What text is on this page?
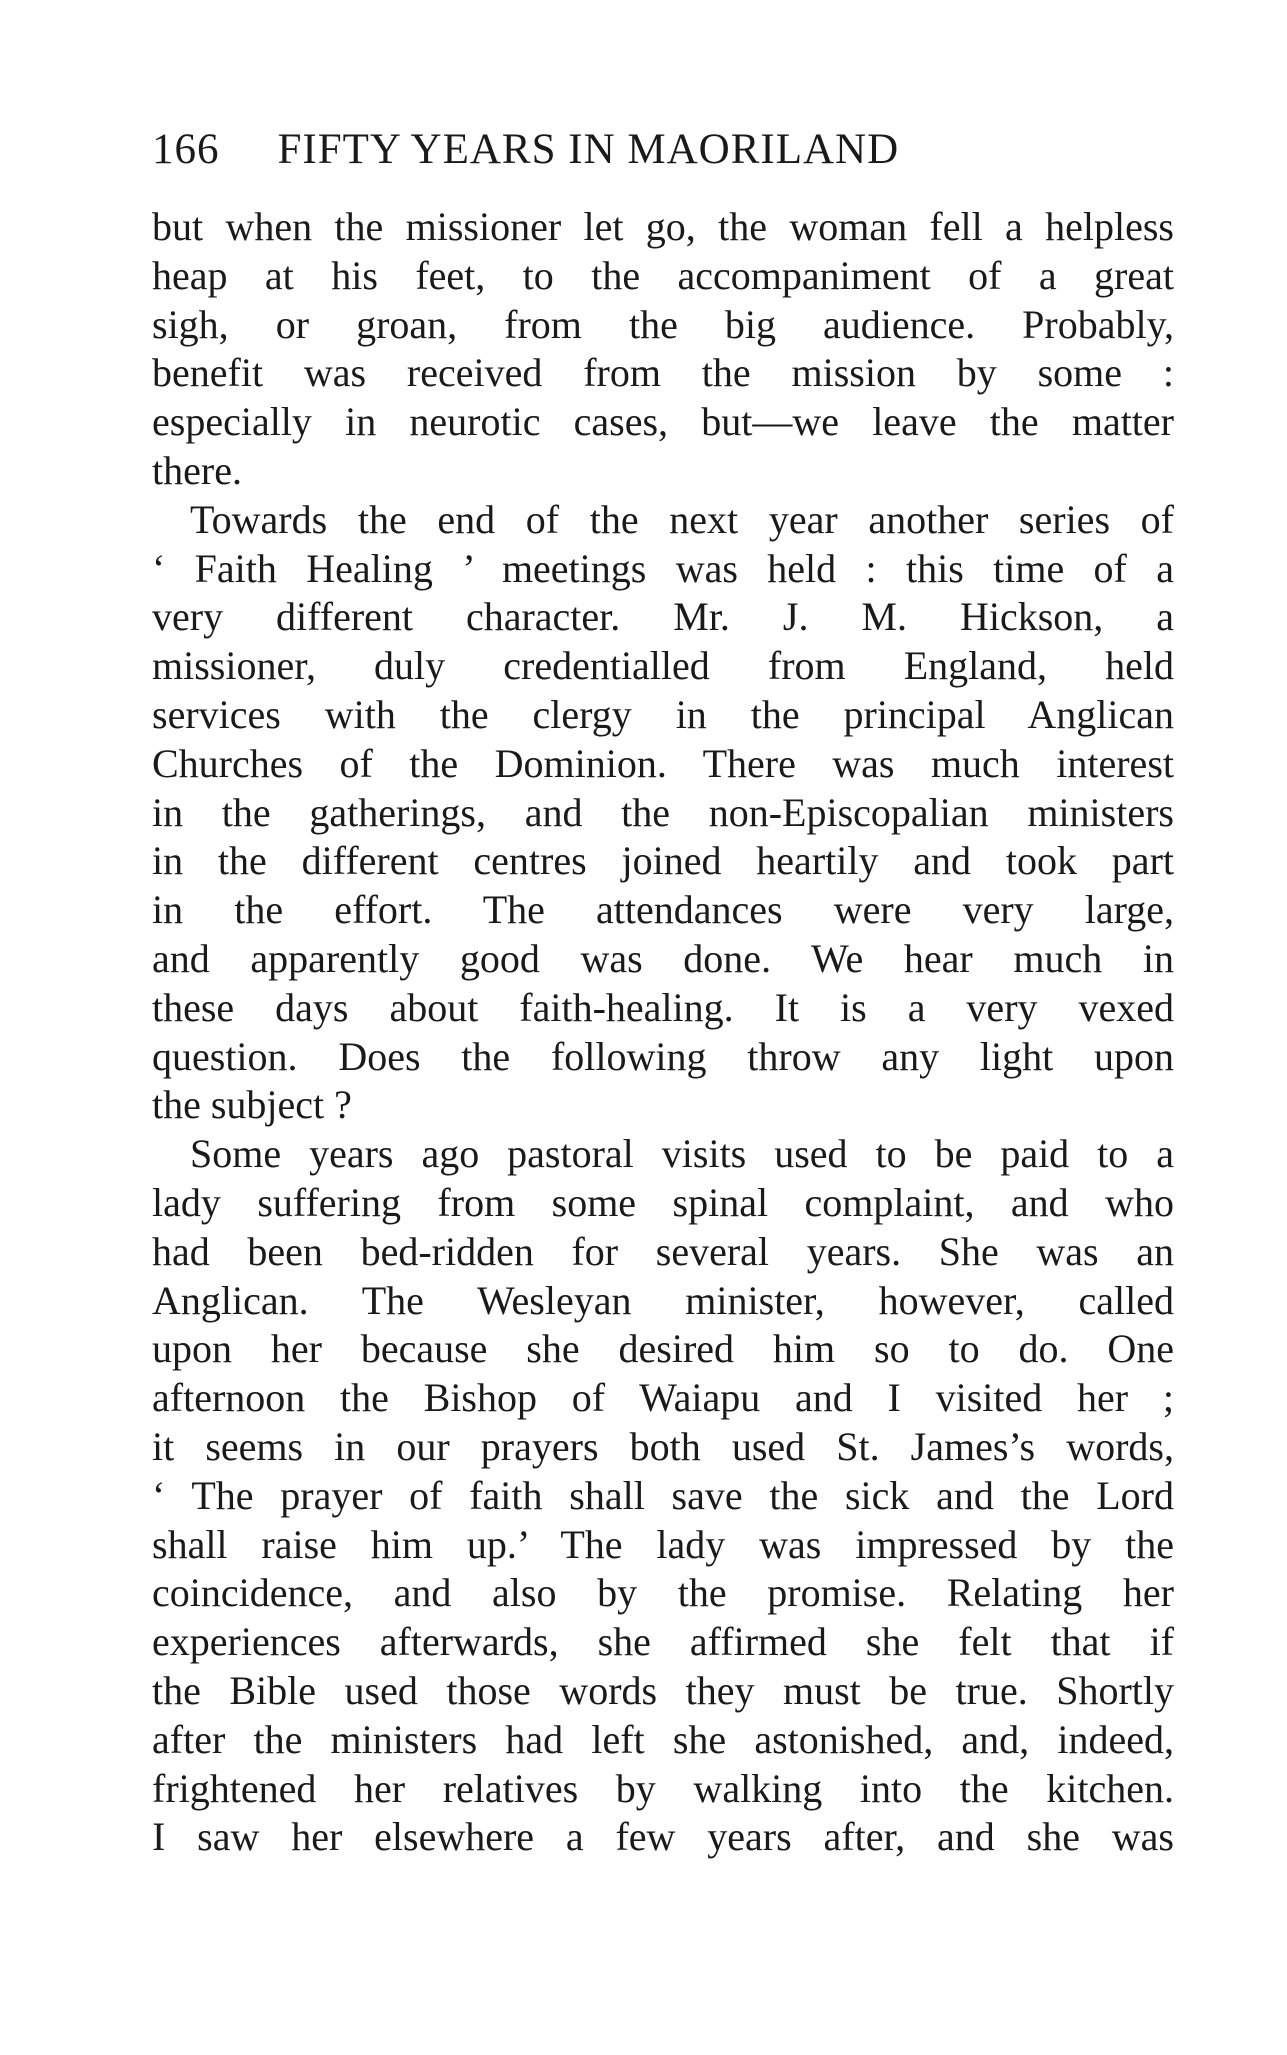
166 FIFTY YEARS IN MAORILAND
but when the missioner let go, the woman fell a helpless
heap at his feet, to the accompaniment of a great
sigh, or groan, from the big audience. Probably,
benefit was received from the mission by some :
especially in neurotic cases, but—we leave the matter
there.
Towards the end of the next year another series of
‘ Faith Healing ’ meetings was held : this time of a
very different character. Mr. J. M. Hickson, a
missioner, duly credentialled from England, held
services with the clergy in the principal Anglican
Churches of the Dominion. There was much interest
in the gatherings, and the non-Episcopalian ministers
in the different centres joined heartily and took part
in the effort. The attendances were very large,
and apparently good was done. We hear much in
these days about faith-healing. It is a very vexed
question. Does the following throw any light upon
the subject ?
Some years ago pastoral visits used to be paid to a
lady suffering from some spinal complaint, and who
had been bed-ridden for several years. She was an
Anglican. The Wesleyan minister, however, called
upon her because she desired him so to do. One
afternoon the Bishop of Waiapu and I visited her ;
it seems in our prayers both used St. James’s words,
‘ The prayer of faith shall save the sick and the Lord
shall raise him up.’ The lady was impressed by the
coincidence, and also by the promise. Relating her
experiences afterwards, she affirmed she felt that if
the Bible used those words they must be true. Shortly
after the ministers had left she astonished, and, indeed,
frightened her relatives by walking into the kitchen.
I saw her elsewhere a few years after, and she was
